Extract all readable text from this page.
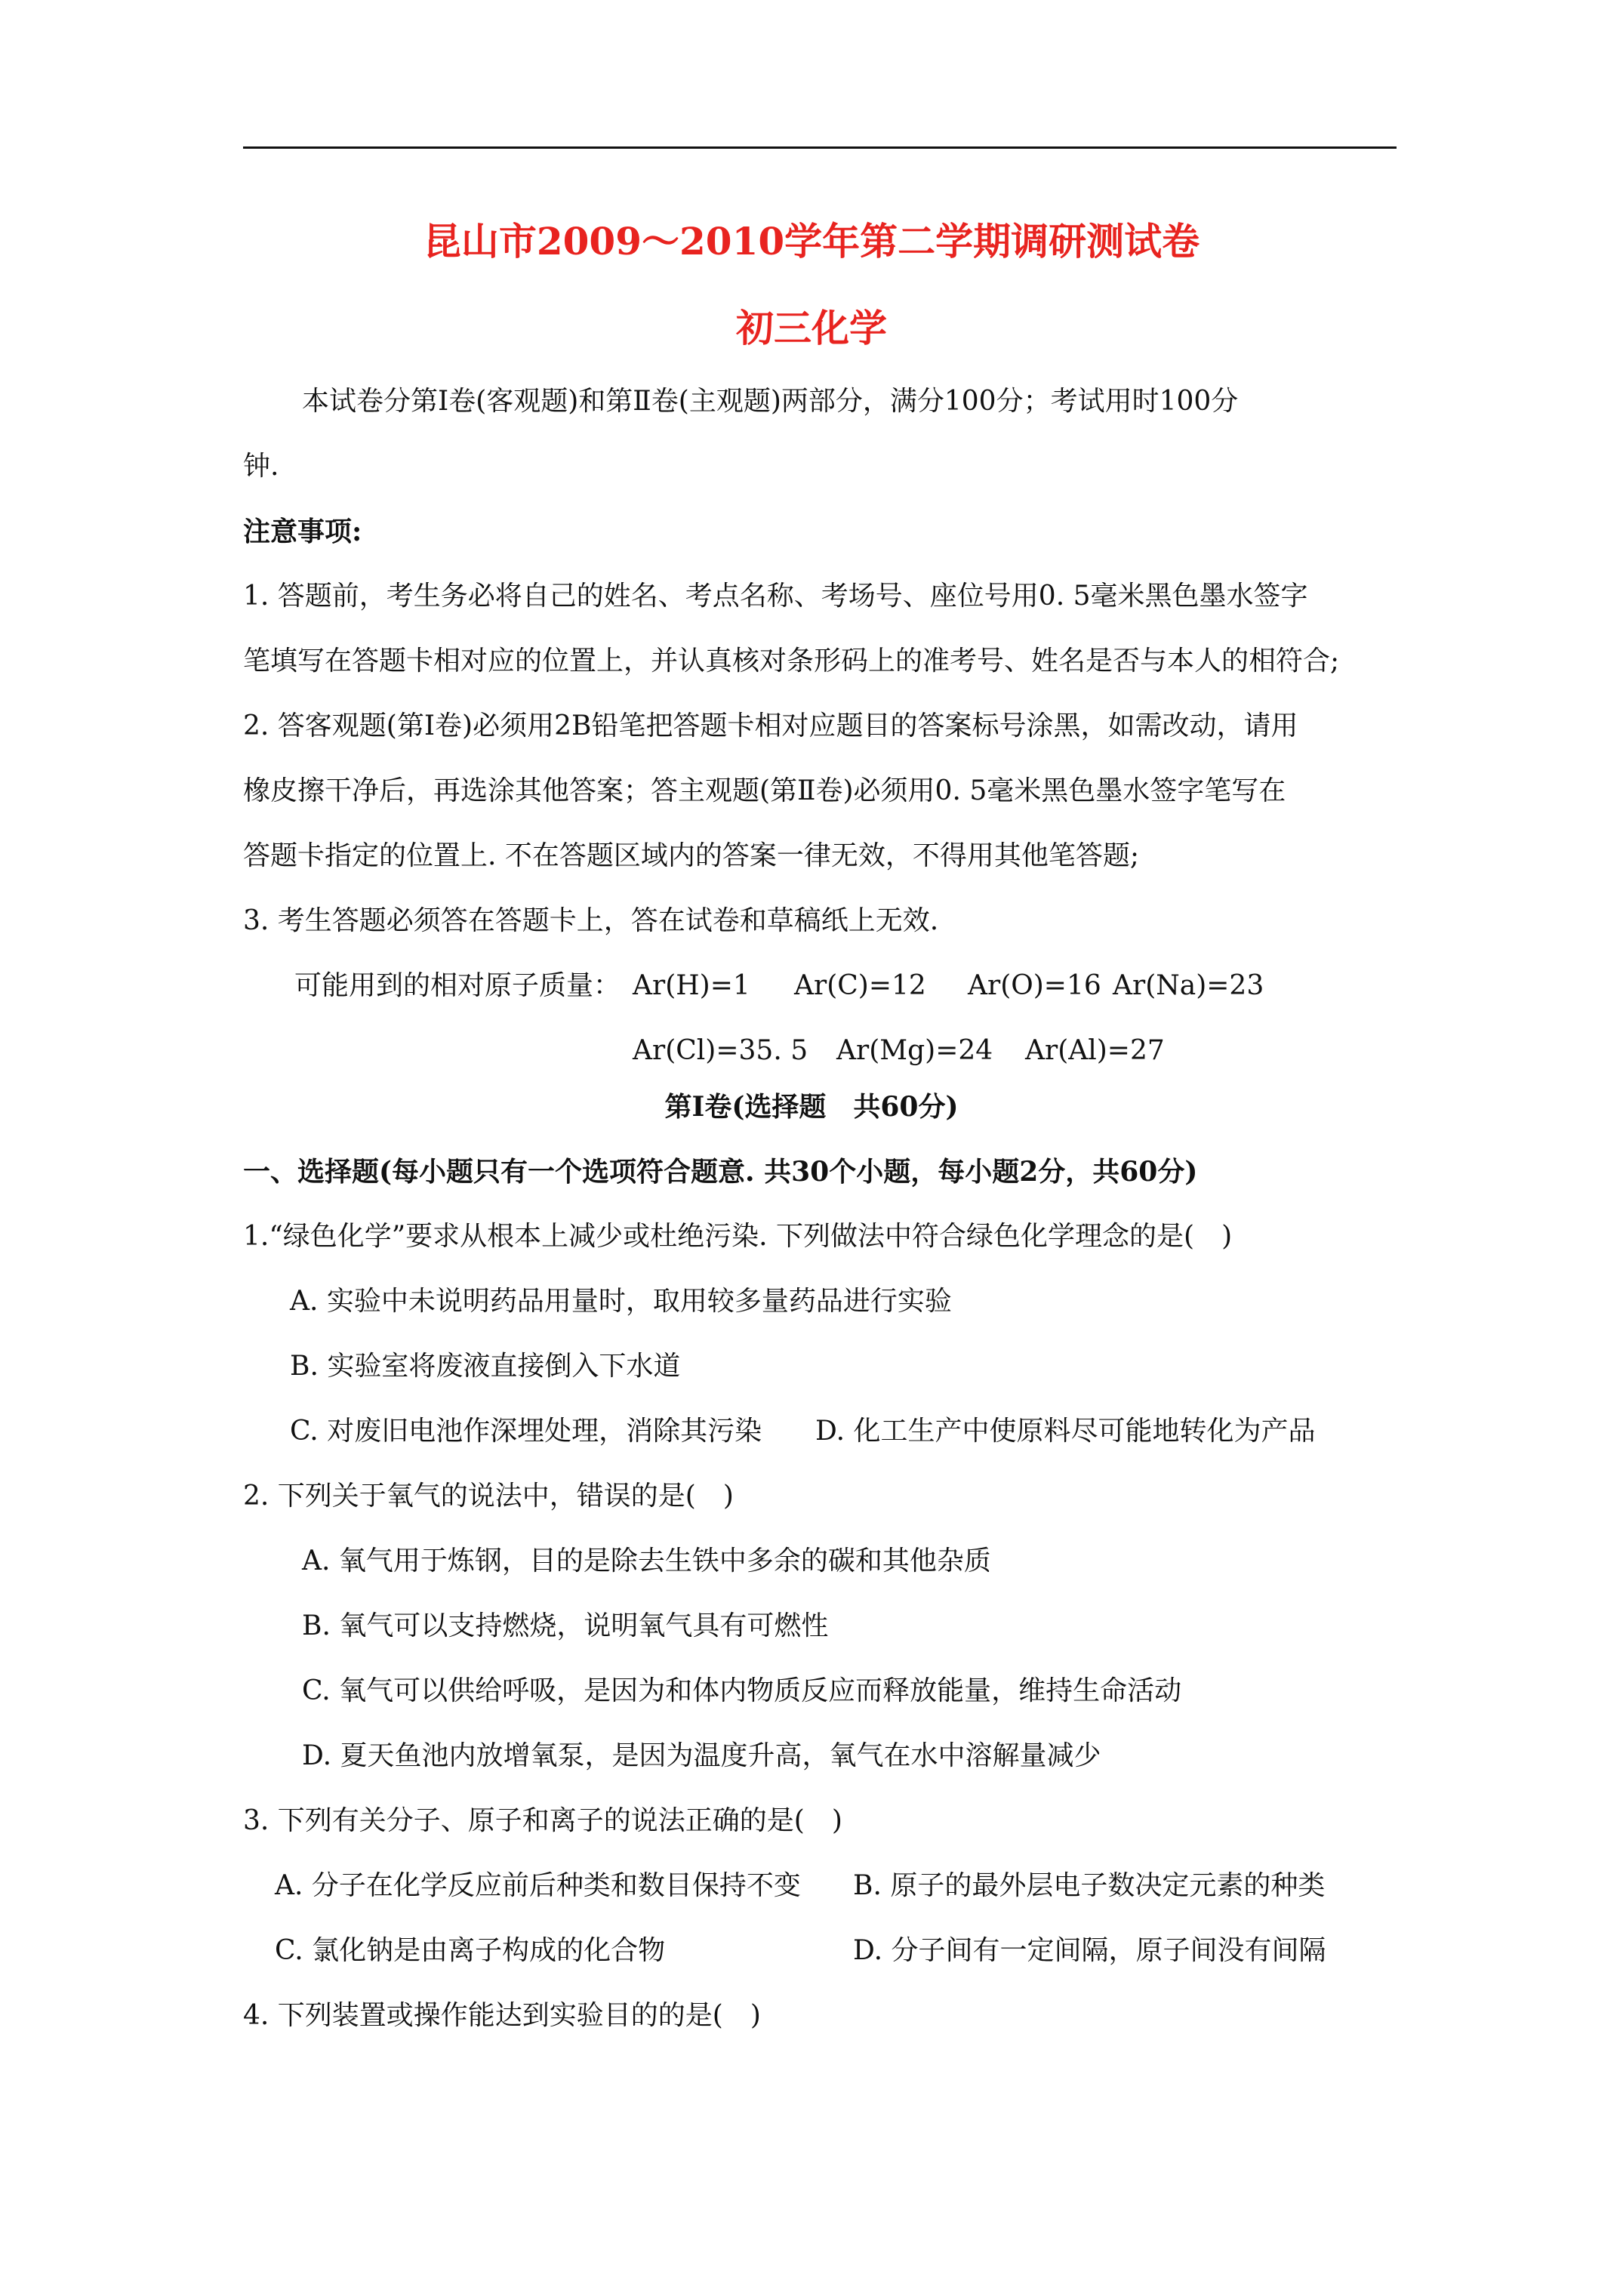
昆山市2009～2010学年第二学期调研测试卷
初三化学
本试卷分第Ⅰ卷(客观题)和第Ⅱ卷(主观题)两部分，满分100分；考试用时100分
钟.
注意事项:
1. 答题前，考生务必将自己的姓名、考点名称、考场号、座位号用0. 5毫米黑色墨水签字
笔填写在答题卡相对应的位置上，并认真核对条形码上的准考号、姓名是否与本人的相符合;
2. 答客观题(第Ⅰ卷)必须用2B铅笔把答题卡相对应题目的答案标号涂黑，如需改动，请用
橡皮擦干净后，再选涂其他答案；答主观题(第Ⅱ卷)必须用0. 5毫米黑色墨水签字笔写在
答题卡指定的位置上. 不在答题区域内的答案一律无效，不得用其他笔答题;
3. 考生答题必须答在答题卡上，答在试卷和草稿纸上无效.
可能用到的相对原子质量： Ar(H)=1 Ar(C)=12 Ar(O)=16 Ar(Na)=23
Ar(Cl)=35. 5 Ar(Mg)=24 Ar(Al)=27
第Ⅰ卷(选择题　共60分)
一、选择题(每小题只有一个选项符合题意. 共30个小题，每小题2分，共60分)
1.“绿色化学”要求从根本上减少或杜绝污染. 下列做法中符合绿色化学理念的是(　)
A. 实验中未说明药品用量时，取用较多量药品进行实验
B. 实验室将废液直接倒入下水道
C. 对废旧电池作深埋处理，消除其污染 D. 化工生产中使原料尽可能地转化为产品
2. 下列关于氧气的说法中，错误的是(　)
A. 氧气用于炼钢，目的是除去生铁中多余的碳和其他杂质
B. 氧气可以支持燃烧，说明氧气具有可燃性
C. 氧气可以供给呼吸，是因为和体内物质反应而释放能量，维持生命活动
D. 夏天鱼池内放增氧泵，是因为温度升高，氧气在水中溶解量减少
3. 下列有关分子、原子和离子的说法正确的是(　)
A. 分子在化学反应前后种类和数目保持不变 B. 原子的最外层电子数决定元素的种类
C. 氯化钠是由离子构成的化合物	D. 分子间有一定间隔，原子间没有间隔
4. 下列装置或操作能达到实验目的的是(　)
